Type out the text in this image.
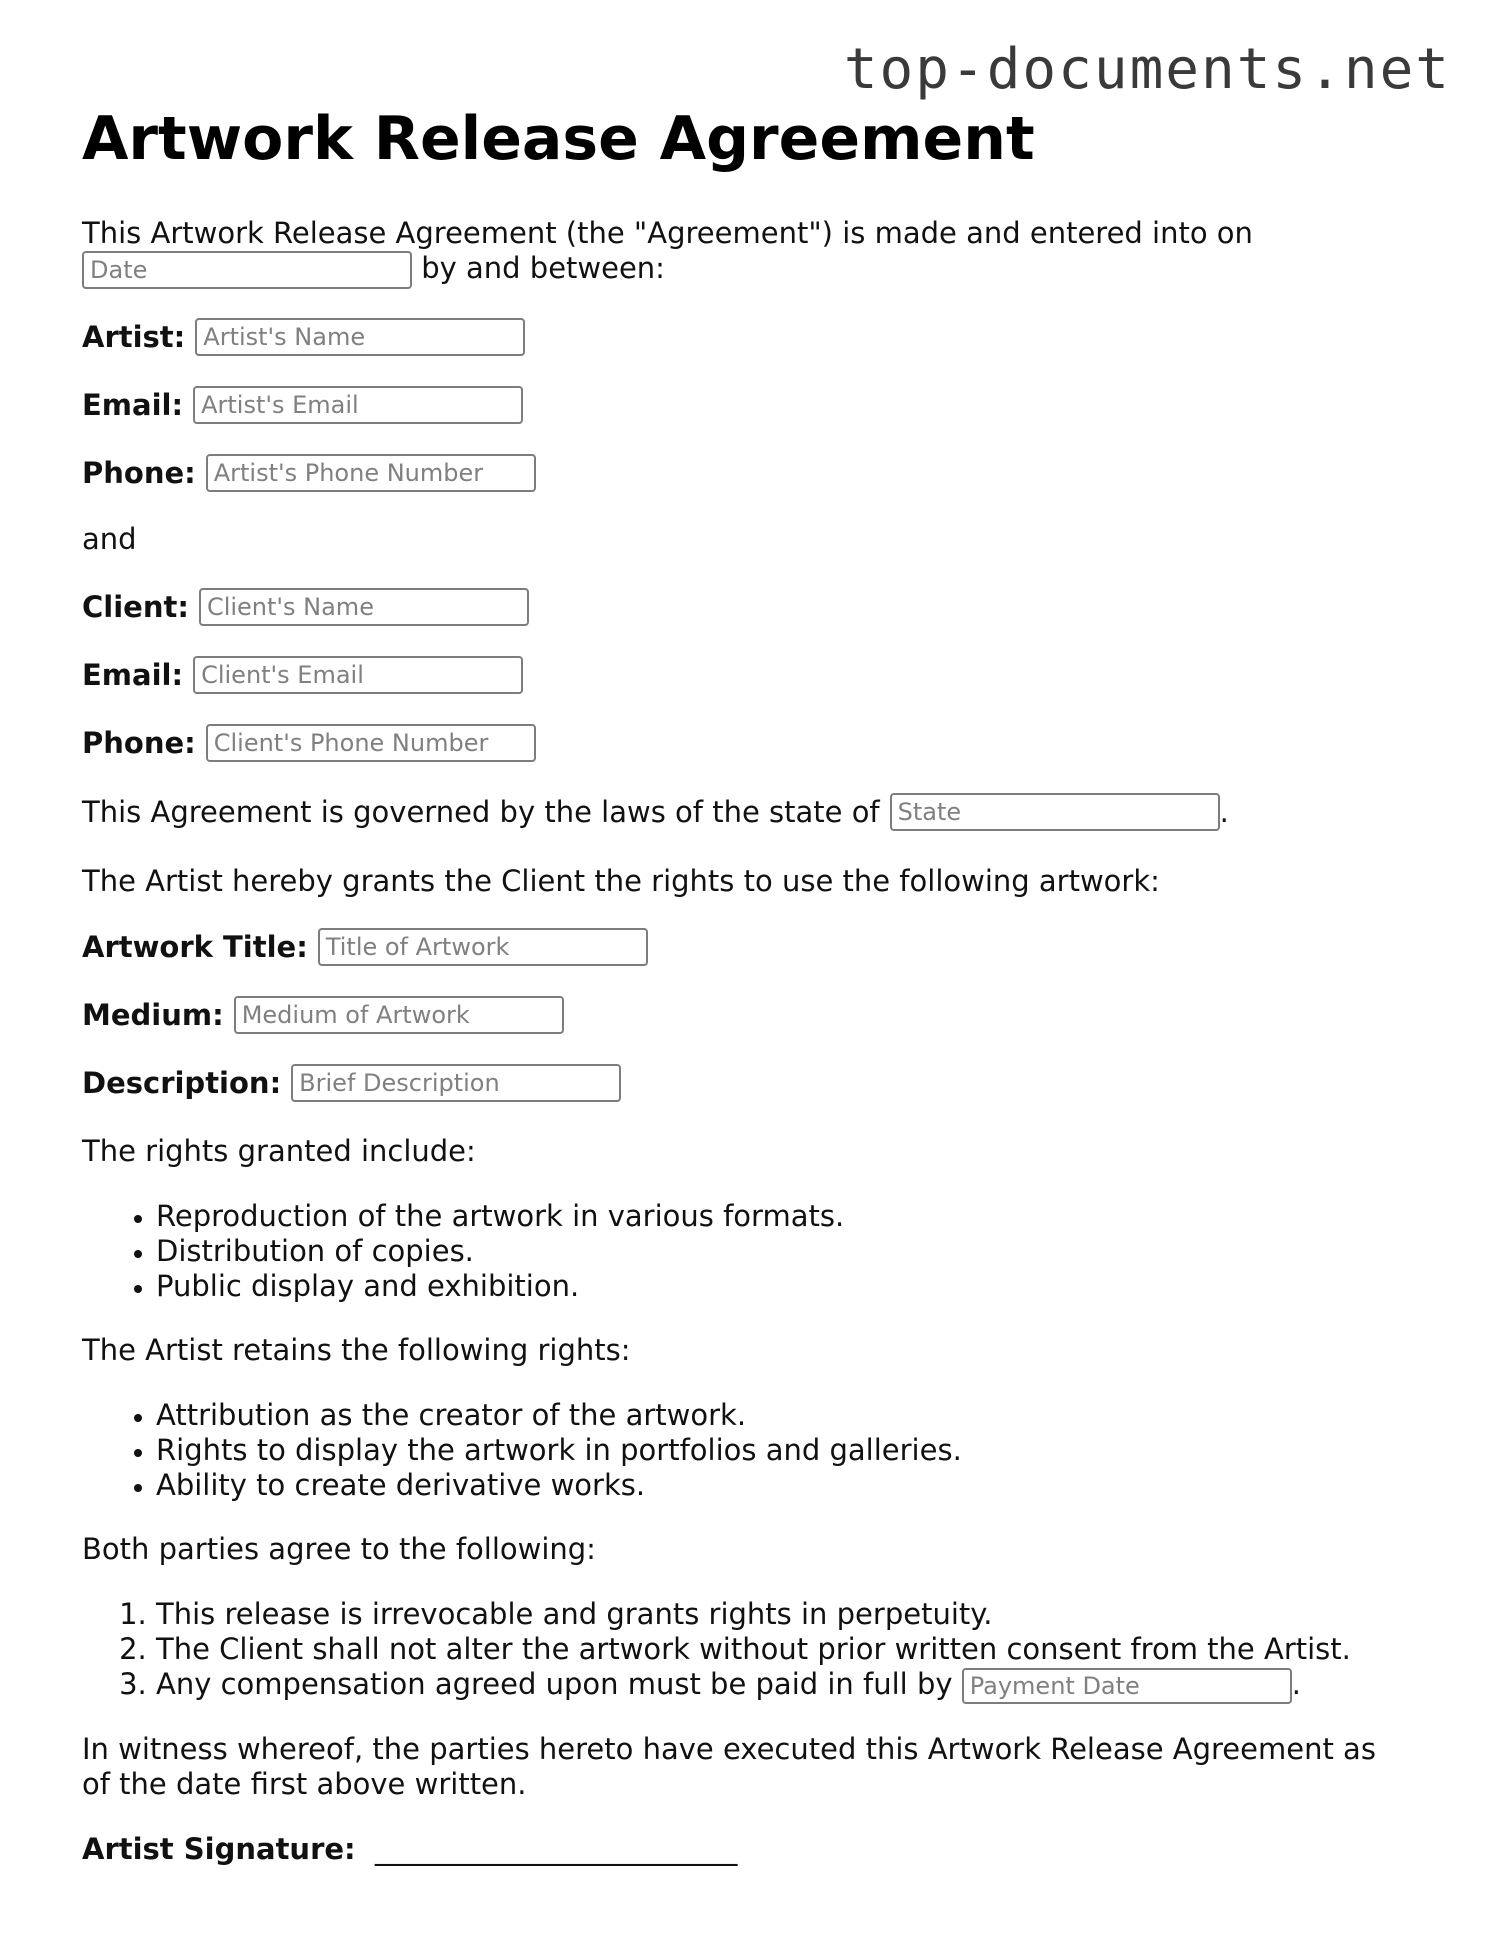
top-documents.net
Artwork Release Agreement
This Artwork Release Agreement (the "Agreement") is made and entered into on
Date	by and between:
Artist: Artist's Name
Email: Artist's Email
Phone: Artist's Phone Number
and
Client: Client's Name
Email: Client's Email
Phone: Client's Phone Number
This Agreement is governed by the laws of the state of State	.
The Artist hereby grants the Client the rights to use the following artwork:
Artwork Title: Title of Artwork
Medium: Medium of Artwork
Description: Brief Description
The rights granted include:
• Reproduction of the artwork in various formats.
• Distribution of copies.
• Public display and exhibition.
The Artist retains the following rights:
• Attribution as the creator of the artwork.
• Rights to display the artwork in portfolios and galleries.
• Ability to create derivative works.
Both parties agree to the following:
1. This release is irrevocable and grants rights in perpetuity.
2. The Client shall not alter the artwork without prior written consent from the Artist.
3. Any compensation agreed upon must be paid in full by Payment Date	.
In witness whereof, the parties hereto have executed this Artwork Release Agreement as
of the date first above written.
Artist Signature: _________________________
